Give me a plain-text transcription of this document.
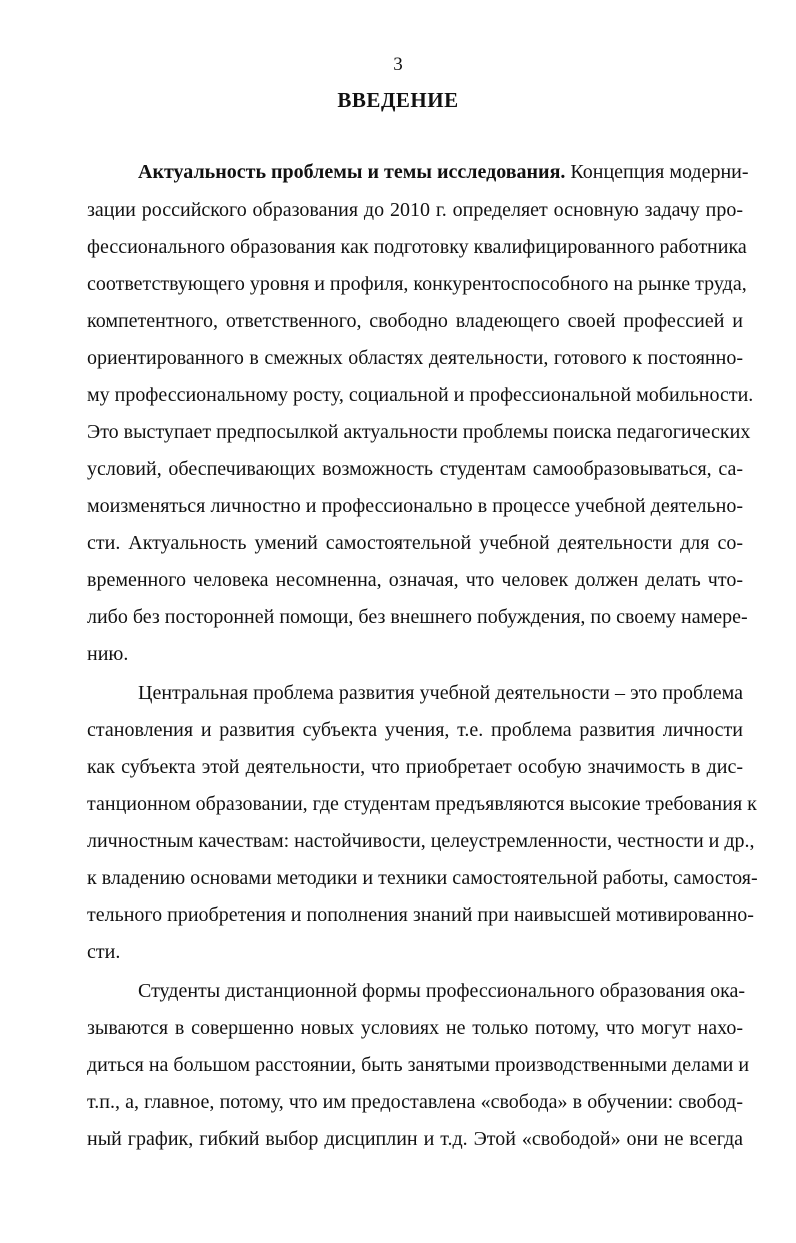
3
ВВЕДЕНИЕ
Актуальность проблемы и темы исследования. Концепция модерни-
зации российского образования до 2010 г. определяет основную задачу про-
фессионального образования как подготовку квалифицированного работника
соответствующего уровня и профиля, конкурентоспособного на рынке труда,
компетентного, ответственного, свободно владеющего своей профессией и
ориентированного в смежных областях деятельности, готового к постоянно-
му профессиональному росту, социальной и профессиональной мобильности.
Это выступает предпосылкой актуальности проблемы поиска педагогических
условий, обеспечивающих возможность студентам самообразовываться, са-
моизменяться личностно и профессионально в процессе учебной деятельно-
сти. Актуальность умений самостоятельной учебной деятельности для со-
временного человека несомненна, означая, что человек должен делать что-
либо без посторонней помощи, без внешнего побуждения, по своему намере-
нию.
Центральная проблема развития учебной деятельности – это проблема
становления и развития субъекта учения, т.е. проблема развития личности
как субъекта этой деятельности, что приобретает особую значимость в дис-
танционном образовании, где студентам предъявляются высокие требования к
личностным качествам: настойчивости, целеустремленности, честности и др.,
к владению основами методики и техники самостоятельной работы, самостоя-
тельного приобретения и пополнения знаний при наивысшей мотивированно-
сти.
Студенты дистанционной формы профессионального образования ока-
зываются в совершенно новых условиях не только потому, что могут нахо-
диться на большом расстоянии, быть занятыми производственными делами и
т.п., а, главное, потому, что им предоставлена «свобода» в обучении: свобод-
ный график, гибкий выбор дисциплин и т.д. Этой «свободой» они не всегда
